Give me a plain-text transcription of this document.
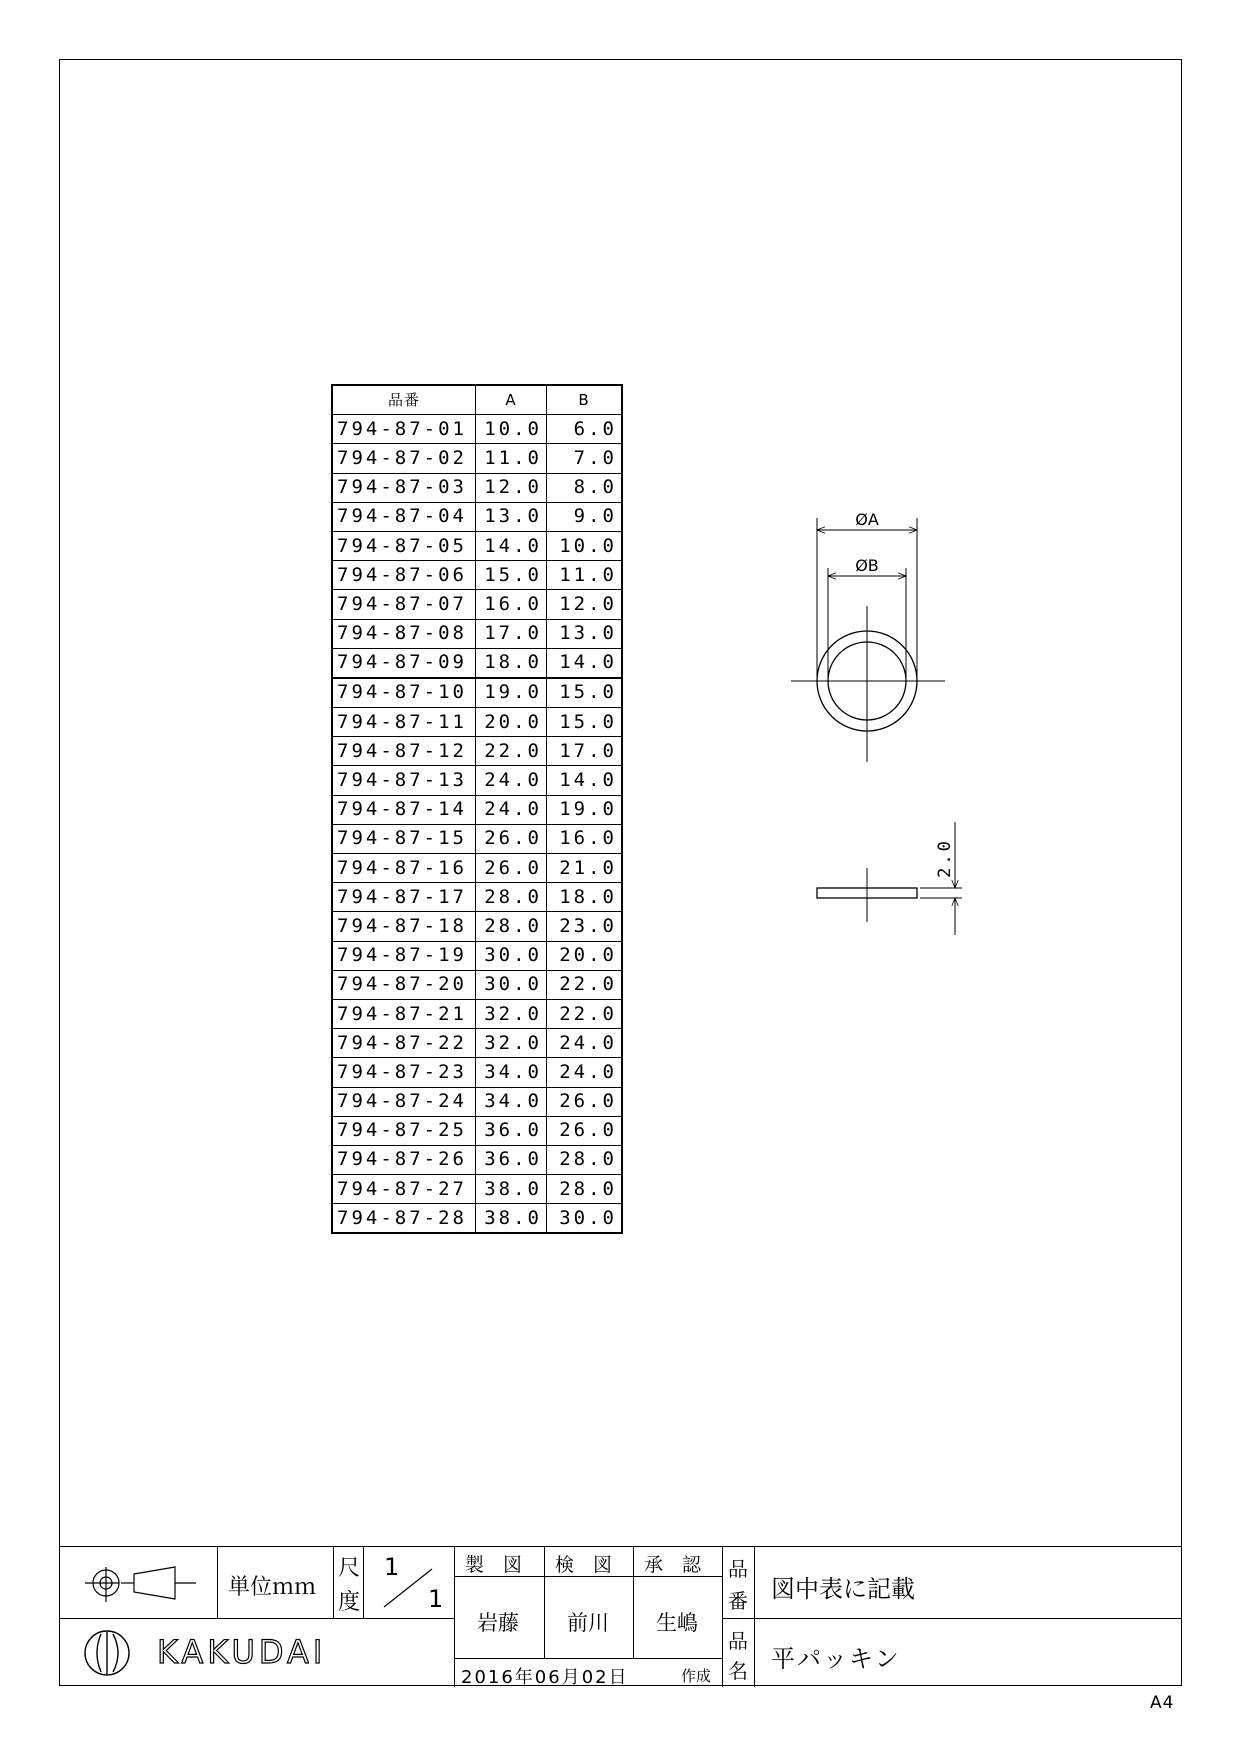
A4
品番	A	B
794-87-01	10.0	6.0
794-87-02	11.0	7.0
794-87-03	12.0	8.0
794-87-04	13.0	9.0
794-87-05	14.0	10.0
794-87-06	15.0	11.0
794-87-07	16.0	12.0
794-87-08	17.0	13.0
794-87-09	18.0	14.0
794-87-10	19.0	15.0
794-87-11	20.0	15.0
794-87-12	22.0	17.0
794-87-13	24.0	14.0
794-87-14	24.0	19.0
794-87-15	26.0	16.0
794-87-16	26.0	21.0
794-87-17	28.0	18.0
794-87-18	28.0	23.0
794-87-19	30.0	20.0
794-87-20	30.0	22.0
794-87-21	32.0	22.0
794-87-22	32.0	24.0
794-87-23	34.0	24.0
794-87-24	34.0	26.0
794-87-25	36.0	26.0
794-87-26	36.0	28.0
794-87-27	38.0	28.0
794-87-28	38.0	30.0
ØA
ØB
2.0
単位ｍｍ
尺
度
1
1
KAKUDAI
製　図 検　図 承　認
岩藤 前川 生嶋
2016年06月02日	作成
品
番 図中表に記載
品
名 平パッキン
